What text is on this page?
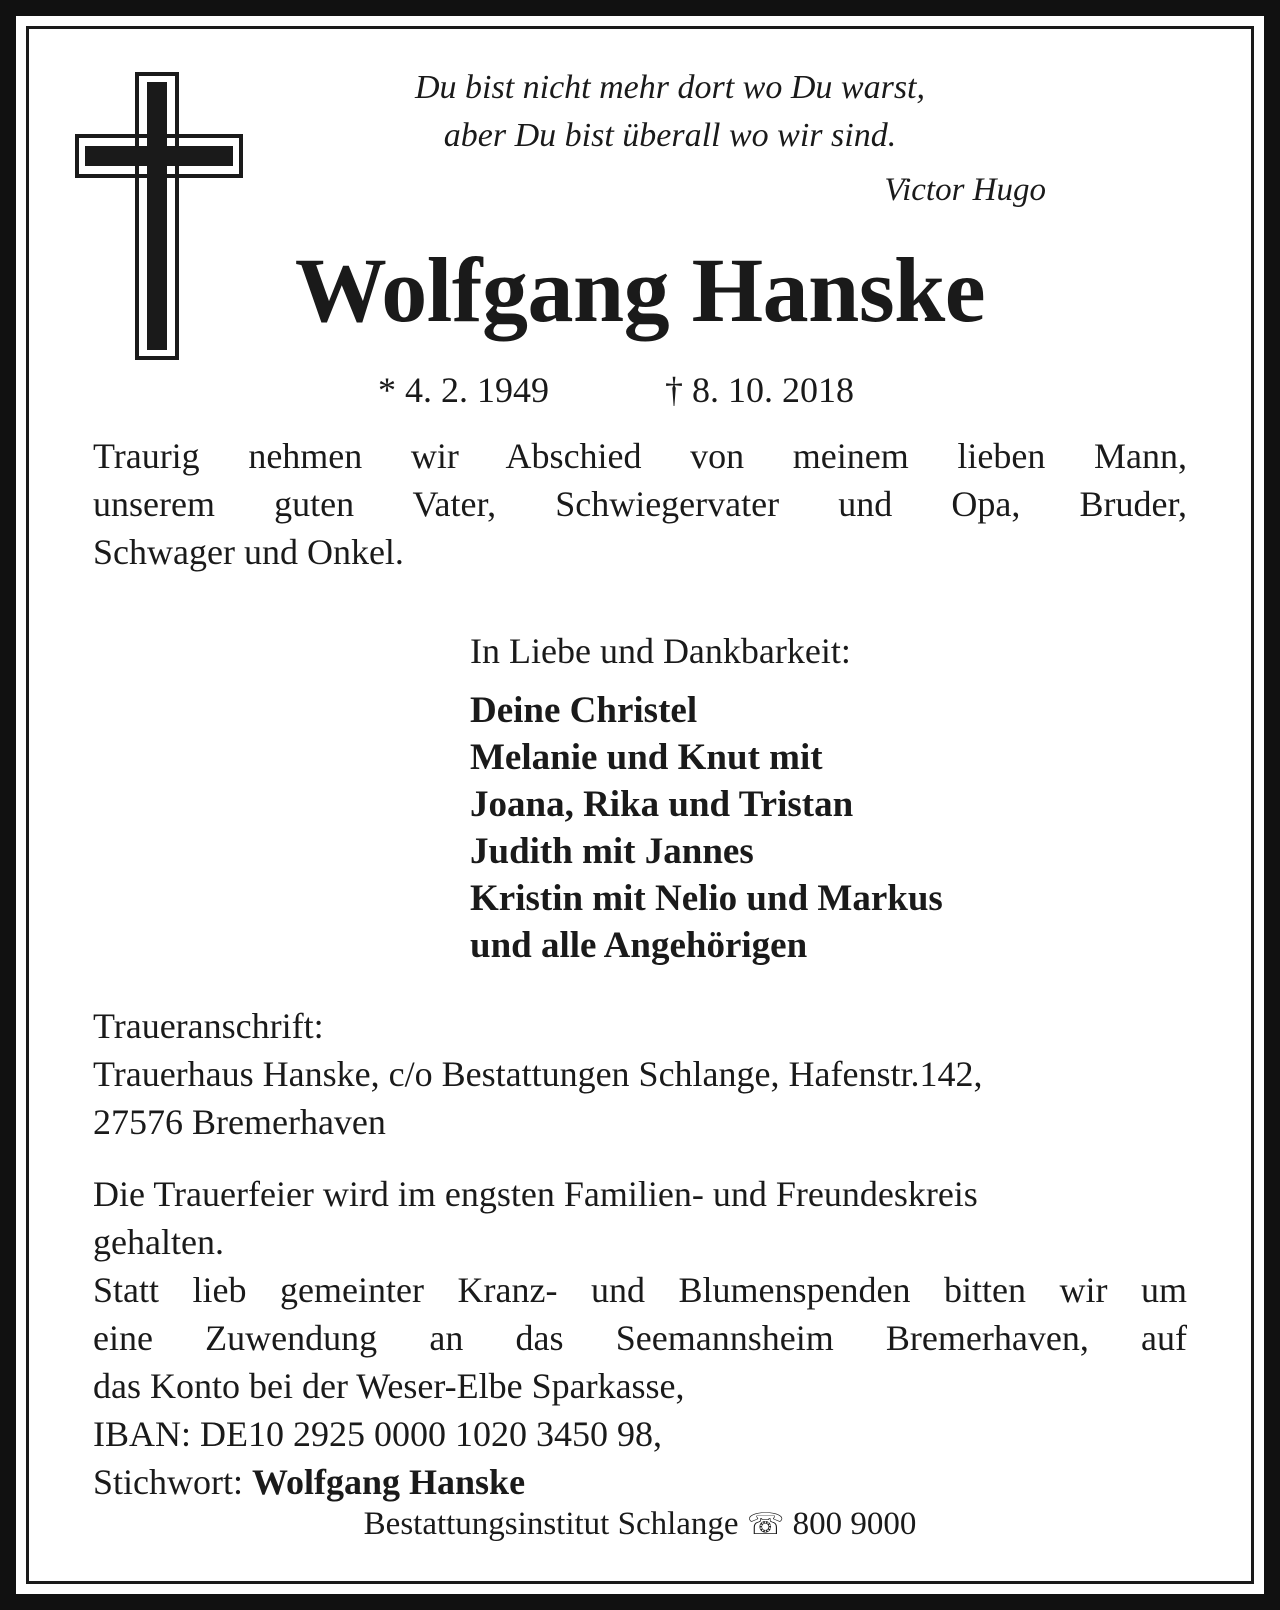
Du bist nicht mehr dort wo Du warst,

aber Du bist überall wo wir sind.

Victor Hugo

Wolfgang Hanske

* 4. 2. 1949	† 8. 10. 2018

Traurig nehmen wir Abschied von meinem lieben Mann,

unserem guten Vater, Schwiegervater und Opa, Bruder,

Schwager und Onkel.

In Liebe und Dankbarkeit:

Deine Christel

Melanie und Knut mit

Joana, Rika und Tristan

Judith mit Jannes

Kristin mit Nelio und Markus

und alle Angehörigen

Traueranschrift:

Trauerhaus Hanske, c/o Bestattungen Schlange, Hafenstr.142,

27576 Bremerhaven

Die Trauerfeier wird im engsten Familien- und Freundeskreis

gehalten.

Statt lieb gemeinter Kranz- und Blumenspenden bitten wir um

eine Zuwendung an das Seemannsheim Bremerhaven, auf

das Konto bei der Weser-Elbe Sparkasse,

IBAN: DE10 2925 0000 1020 3450 98,

Stichwort: Wolfgang Hanske

Bestattungsinstitut Schlange ☏ 800 9000
